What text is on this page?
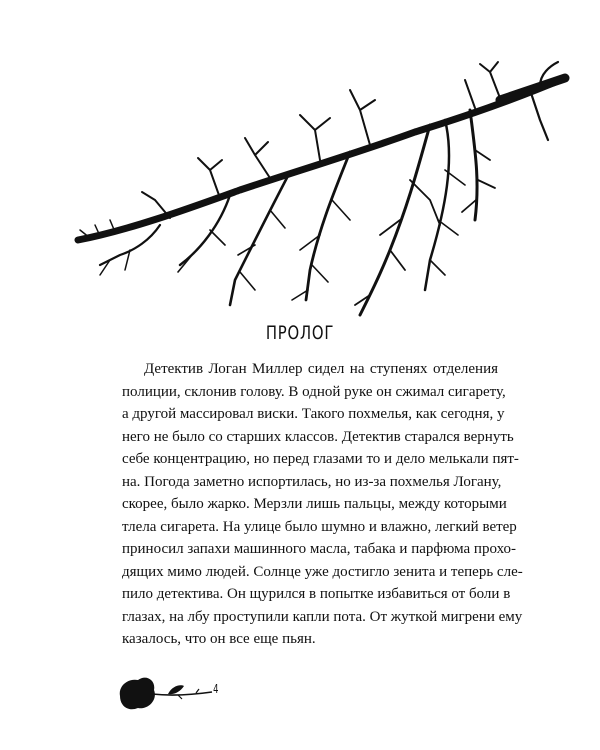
ПРОЛОГ
Детектив Логан Миллер сидел на ступенях отделения
полиции, склонив голову. В одной руке он сжимал сигарету,
а другой массировал виски. Такого похмелья, как сегодня, у
него не было со старших классов. Детектив старался вернуть
себе концентрацию, но перед глазами то и дело мелькали пят-
на. Погода заметно испортилась, но из-за похмелья Логану,
скорее, было жарко. Мерзли лишь пальцы, между которыми
тлела сигарета. На улице было шумно и влажно, легкий ветер
приносил запахи машинного масла, табака и парфюма прохо-
дящих мимо людей. Солнце уже достигло зенита и теперь сле-
пило детектива. Он щурился в попытке избавиться от боли в
глазах, на лбу проступили капли пота. От жуткой мигрени ему
казалось, что он все еще пьян.
4
